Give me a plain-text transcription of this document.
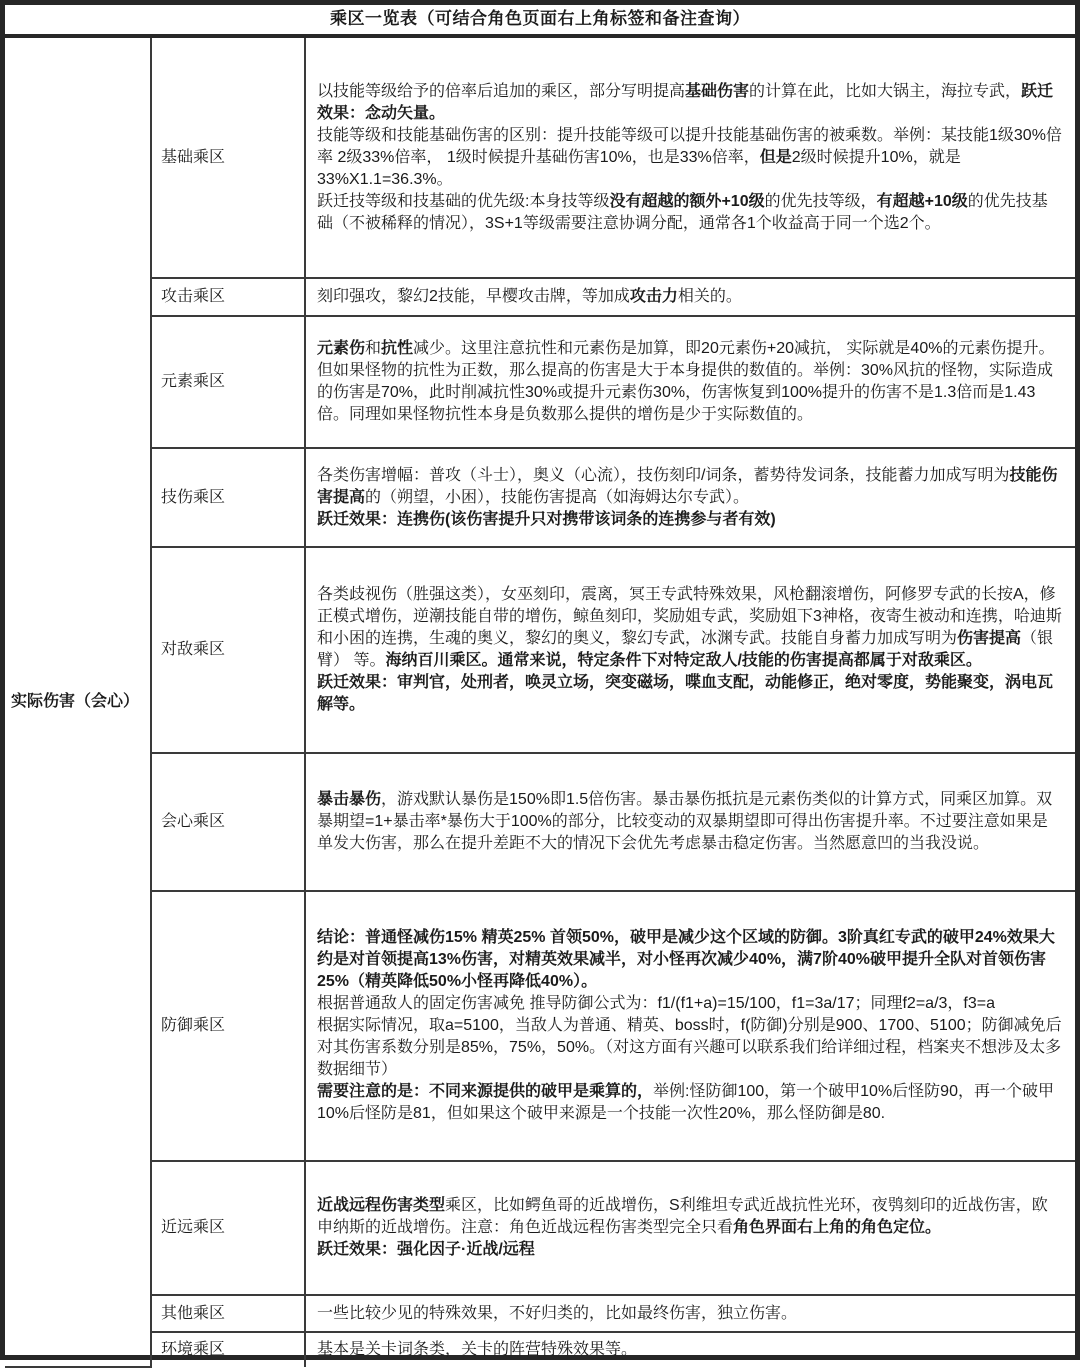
乘区一览表（可结合角色页面右上角标签和备注查询）
实际伤害（会心）	基础乘区	以技能等级给予的倍率后追加的乘区，部分写明提高基础伤害的计算在此，比如大锅主，海拉专武，跃迁效果：念动矢量。
技能等级和技能基础伤害的区别：提升技能等级可以提升技能基础伤害的被乘数。举例：某技能1级30%倍率 2级33%倍率， 1级时候提升基础伤害10%，也是33%倍率，但是2级时候提升10%，就是33%X1.1=36.3%。
跃迁技等级和技基础的优先级:本身技等级没有超越的额外+10级的优先技等级，有超越+10级的优先技基础（不被稀释的情况），3S+1等级需要注意协调分配，通常各1个收益高于同一个选2个。

	攻击乘区	刻印强攻，黎幻2技能，早樱攻击牌，等加成攻击力相关的。

	元素乘区	元素伤和抗性减少。这里注意抗性和元素伤是加算，即20元素伤+20减抗， 实际就是40%的元素伤提升。但如果怪物的抗性为正数，那么提高的伤害是大于本身提供的数值的。举例：30%风抗的怪物，实际造成的伤害是70%，此时削减抗性30%或提升元素伤30%，伤害恢复到100%提升的伤害不是1.3倍而是1.43倍。同理如果怪物抗性本身是负数那么提供的增伤是少于实际数值的。

	技伤乘区	各类伤害增幅：普攻（斗士），奥义（心流），技伤刻印/词条，蓄势待发词条，技能蓄力加成写明为技能伤害提高的（朔望，小困），技能伤害提高（如海姆达尔专武）。
跃迁效果：连携伤(该伤害提升只对携带该词条的连携参与者有效)

	对敌乘区	各类歧视伤（胜强这类），女巫刻印，震离，冥王专武特殊效果，风枪翻滚增伤，阿修罗专武的长按A，修正模式增伤，逆潮技能自带的增伤，鲸鱼刻印，奖励姐专武，奖励姐下3神格，夜寄生被动和连携，哈迪斯和小困的连携，生魂的奥义，黎幻的奥义，黎幻专武，冰渊专武。技能自身蓄力加成写明为伤害提高（银臂） 等。海纳百川乘区。通常来说，特定条件下对特定敌人/技能的伤害提高都属于对敌乘区。
跃迁效果：审判官，处刑者，唤灵立场，突变磁场，喋血支配，动能修正，绝对零度，势能聚变，涡电瓦解等。

	会心乘区	暴击暴伤，游戏默认暴伤是150%即1.5倍伤害。暴击暴伤抵抗是元素伤类似的计算方式，同乘区加算。双暴期望=1+暴击率*暴伤大于100%的部分，比较变动的双暴期望即可得出伤害提升率。不过要注意如果是单发大伤害，那么在提升差距不大的情况下会优先考虑暴击稳定伤害。当然愿意凹的当我没说。

	防御乘区	结论：普通怪减伤15% 精英25% 首领50%，破甲是减少这个区域的防御。3阶真红专武的破甲24%效果大约是对首领提高13%伤害，对精英效果减半，对小怪再次减少40%，满7阶40%破甲提升全队对首领伤害25%（精英降低50%小怪再降低40%）。
根据普通敌人的固定伤害减免 推导防御公式为：f1/(f1+a)=15/100，f1=3a/17；同理f2=a/3，f3=a
根据实际情况，取a=5100，当敌人为普通、精英、boss时，f(防御)分别是900、1700、5100；防御减免后对其伤害系数分别是85%，75%，50%。（对这方面有兴趣可以联系我们给详细过程，档案夹不想涉及太多数据细节）
需要注意的是：不同来源提供的破甲是乘算的，举例:怪防御100，第一个破甲10%后怪防90，再一个破甲10%后怪防是81，但如果这个破甲来源是一个技能一次性20%，那么怪防御是80.

	近远乘区	近战远程伤害类型乘区，比如鳄鱼哥的近战增伤，S利维坦专武近战抗性光环，夜鸮刻印的近战伤害，欧申纳斯的近战增伤。注意：角色近战远程伤害类型完全只看角色界面右上角的角色定位。
跃迁效果：强化因子·近战/远程

	其他乘区	一些比较少见的特殊效果，不好归类的，比如最终伤害，独立伤害。

	环境乘区	基本是关卡词条类，关卡的阵营特殊效果等。
